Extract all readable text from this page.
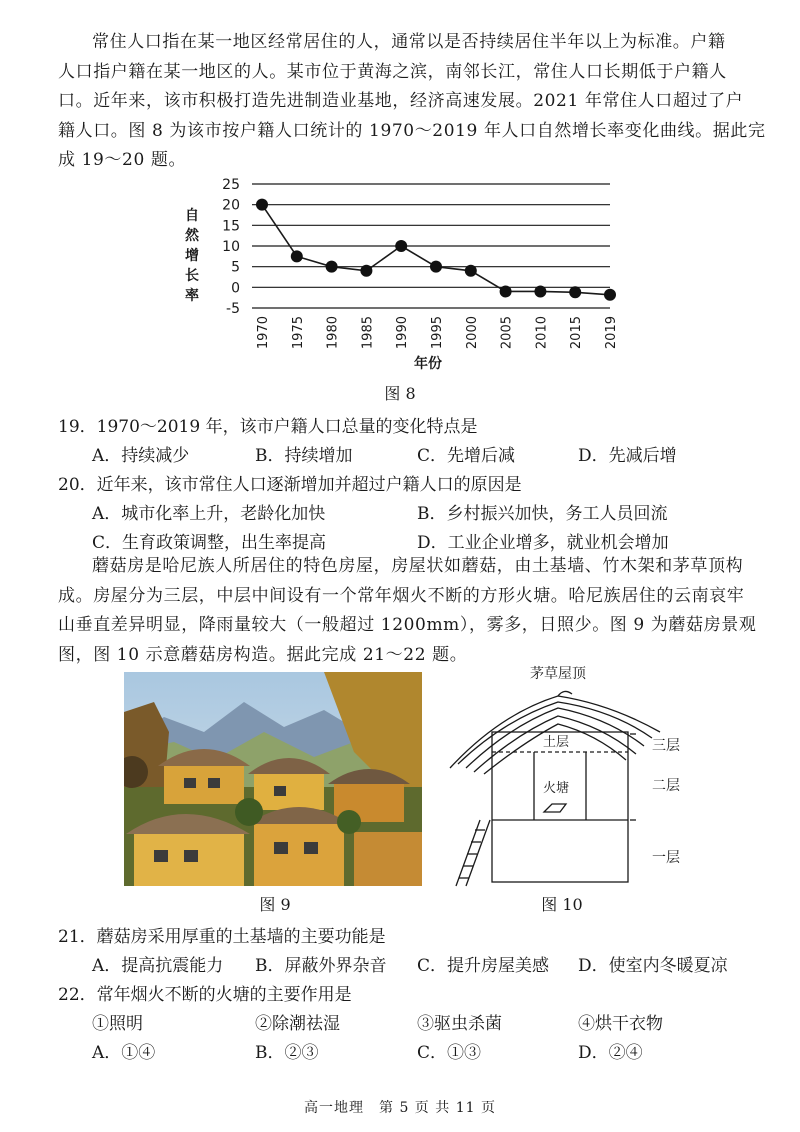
常住人口指在某一地区经常居住的人，通常以是否持续居住半年以上为标准。户籍
人口指户籍在某一地区的人。某市位于黄海之滨，南邻长江，常住人口长期低于户籍人
口。近年来，该市积极打造先进制造业基地，经济高速发展。2021 年常住人口超过了户
籍人口。图 8 为该市按户籍人口统计的 1970～2019 年人口自然增长率变化曲线。据此完
成 19～20 题。
25
20
15
10
5
0
-5
1970 1975 1980 1985 1990 1995 2000 2005 2010 2015 2019
自
然
增
长
率
年份
图 8
19．1970～2019 年，该市户籍人口总量的变化特点是
A．持续减少	B．持续增加	C．先增后减	D．先减后增
20．近年来，该市常住人口逐渐增加并超过户籍人口的原因是
A．城市化率上升，老龄化加快	B．乡村振兴加快，务工人员回流
C．生育政策调整，出生率提高	D．工业企业增多，就业机会增加
蘑菇房是哈尼族人所居住的特色房屋，房屋状如蘑菇，由土基墙、竹木架和茅草顶构
成。房屋分为三层，中层中间设有一个常年烟火不断的方形火塘。哈尼族居住的云南哀牢
山垂直差异明显，降雨量较大（一般超过 1200mm），雾多，日照少。图 9 为蘑菇房景观
图，图 10 示意蘑菇房构造。据此完成 21～22 题。
图 9
茅草屋顶
土层
火塘
三层
二层
一层
图 10
21．蘑菇房采用厚重的土基墙的主要功能是
A．提高抗震能力 B．屏蔽外界杂音 C．提升房屋美感 D．使室内冬暖夏凉
22．常年烟火不断的火塘的主要作用是
①照明	②除潮祛湿	③驱虫杀菌	④烘干衣物
A．①④	B．②③	C．①③	D．②④
高一地理　第 5 页 共 11 页
